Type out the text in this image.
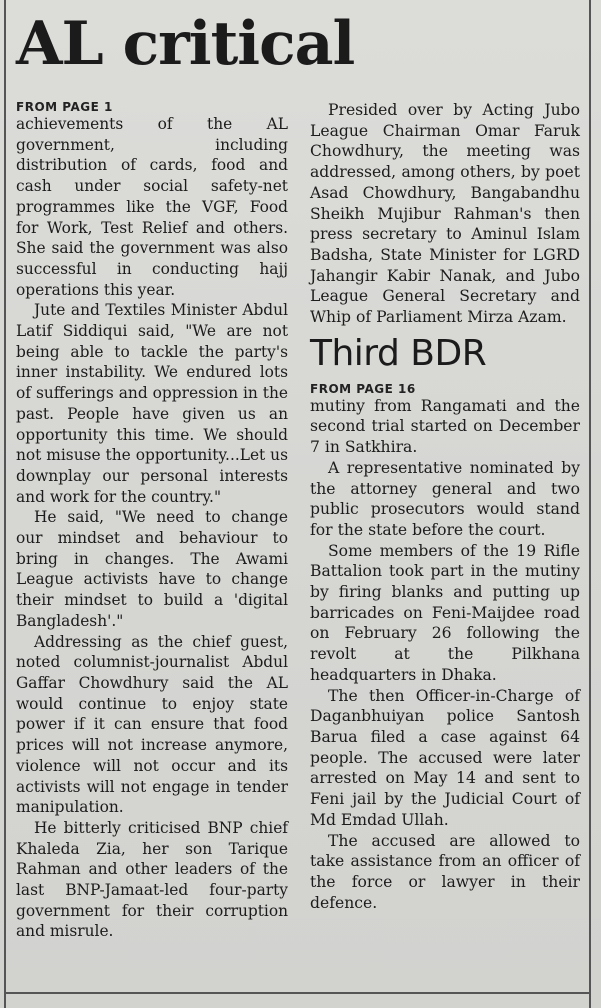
AL critical
FROM PAGE 1

achievements of the AL government, including distribution of cards, food and cash under social safety-net programmes like the VGF, Food for Work, Test Relief and others. She said the government was also successful in conducting hajj operations this year.

Jute and Textiles Minister Abdul Latif Siddiqui said, "We are not being able to tackle the party's inner instability. We endured lots of sufferings and oppression in the past. People have given us an opportunity this time. We should not misuse the opportunity...Let us downplay our personal interests and work for the country."

He said, "We need to change our mindset and behaviour to bring in changes. The Awami League activists have to change their mindset to build a 'digital Bangladesh'."

Addressing as the chief guest, noted columnist-journalist Abdul Gaffar Chowdhury said the AL would continue to enjoy state power if it can ensure that food prices will not increase anymore, violence will not occur and its activists will not engage in tender manipulation.

He bitterly criticised BNP chief Khaleda Zia, her son Tarique Rahman and other leaders of the last BNP-Jamaat-led four-party government for their corruption and misrule.

Presided over by Acting Jubo League Chairman Omar Faruk Chowdhury, the meeting was addressed, among others, by poet Asad Chowdhury, Bangabandhu Sheikh Mujibur Rahman's then press secretary to Aminul Islam Badsha, State Minister for LGRD Jahangir Kabir Nanak, and Jubo League General Secretary and Whip of Parliament Mirza Azam.

Third BDR
FROM PAGE 16

mutiny from Rangamati and the second trial started on December 7 in Satkhira.

A representative nominated by the attorney general and two public prosecutors would stand for the state before the court.

Some members of the 19 Rifle Battalion took part in the mutiny by firing blanks and putting up barricades on Feni-Maijdee road on February 26 following the revolt at the Pilkhana headquarters in Dhaka.

The then Officer-in-Charge of Daganbhuiyan police Santosh Barua filed a case against 64 people. The accused were later arrested on May 14 and sent to Feni jail by the Judicial Court of Md Emdad Ullah.

The accused are allowed to take assistance from an officer of the force or lawyer in their defence.
